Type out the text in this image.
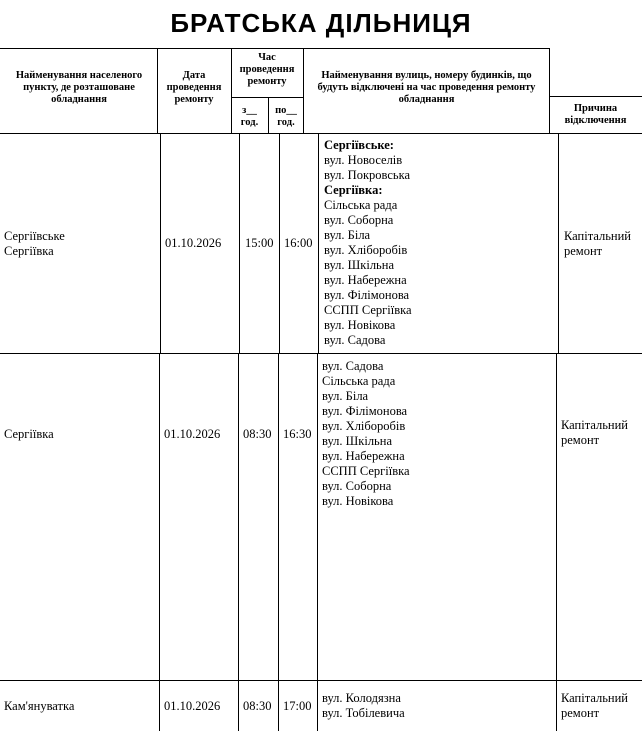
БРАТСЬКА ДІЛЬНИЦЯ
Найменування населеного пункту, де розташоване обладнання
Дата проведення ремонту
Час проведення ремонту
з__ год.
по__ год.
Найменування вулиць, номеру будинків, що будуть відключені на час проведення ремонту обладнання
Причина відключення
Сергіївське
Сергіївка
01.10.2026 15:00 16:00
Сергіївське:
вул. Новоселів
вул. Покровська
Сергіївка:
Сільська рада
вул. Соборна
вул. Біла
вул. Хліборобів
вул. Шкільна
вул. Набережна
вул. Філімонова
ССПП Сергіївка
вул. Новікова
вул. Садова
Капітальний
ремонт
Сергіївка	01.10.2026 08:30 16:30
вул. Садова
Сільська рада
вул. Біла
вул. Філімонова
вул. Хліборобів
вул. Шкільна
вул. Набережна
ССПП Сергіївка
вул. Соборна
вул. Новікова
Капітальний
ремонт
Кам'януватка	01.10.2026 08:30 17:00
вул. Колодязна
вул. Тобілевича
Капітальний
ремонт
